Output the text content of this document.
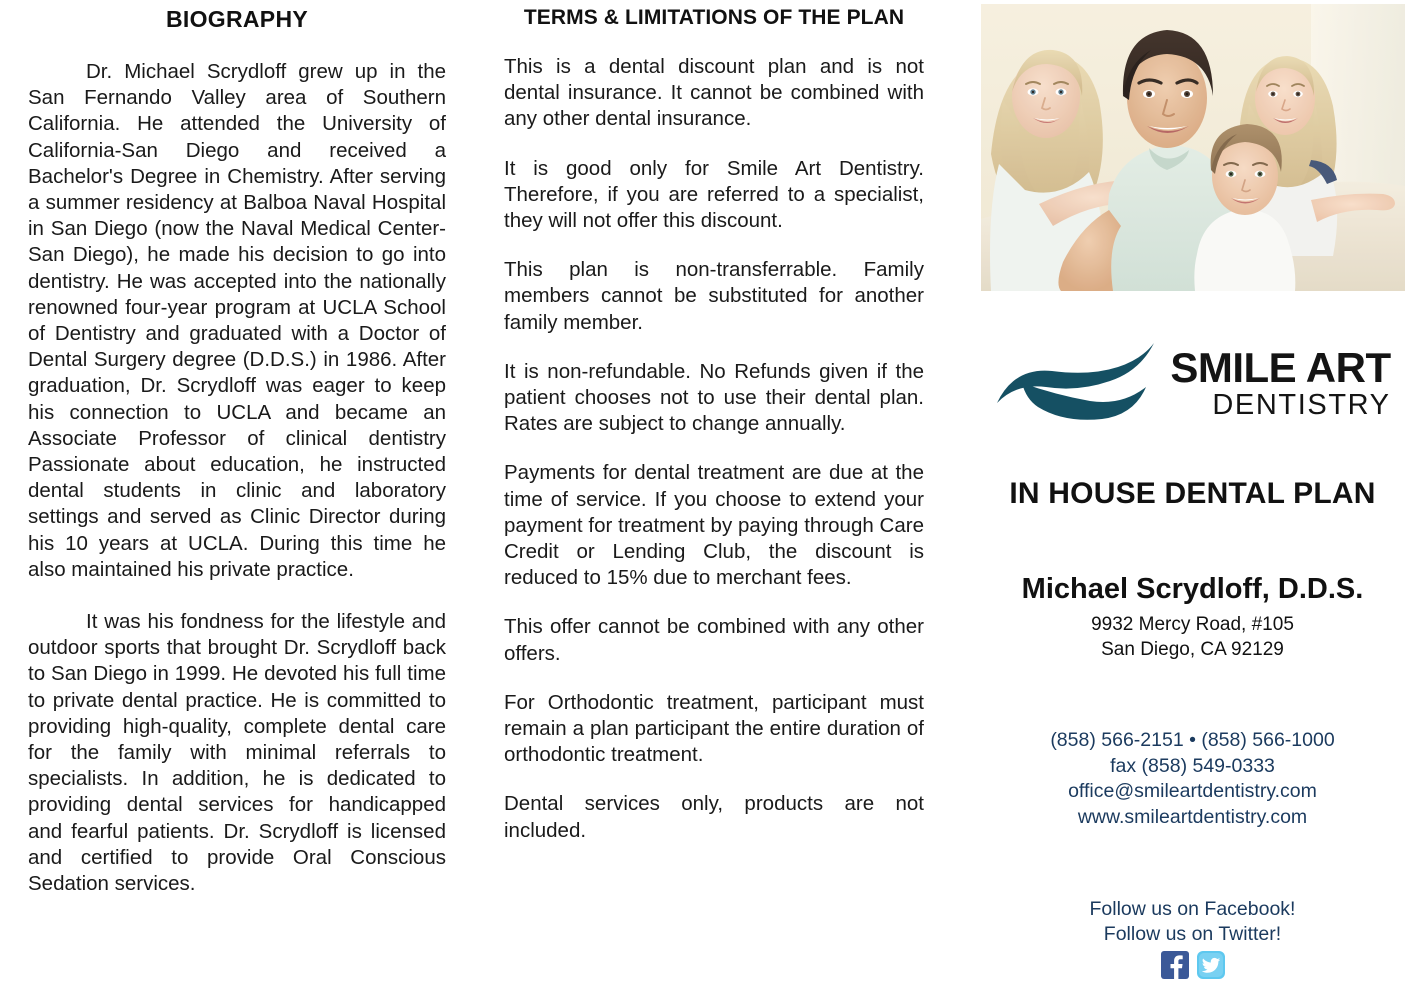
BIOGRAPHY

Dr. Michael Scrydloff grew up in the San Fernando Valley area of Southern California. He attended the University of California-San Diego and received a Bachelor's Degree in Chemistry. After serving a summer residency at Balboa Naval Hospital in San Diego (now the Naval Medical Center-San Diego), he made his decision to go into dentistry. He was accepted into the nationally renowned four-year program at UCLA School of Dentistry and graduated with a Doctor of Dental Surgery degree (D.D.S.) in 1986. After graduation, Dr. Scrydloff was eager to keep his connection to UCLA and became an Associate Professor of clinical dentistry Passionate about education, he instructed dental students in clinic and laboratory settings and served as Clinic Director during his 10 years at UCLA. During this time he also maintained his private practice.

It was his fondness for the lifestyle and outdoor sports that brought Dr. Scrydloff back to San Diego in 1999. He devoted his full time to private dental practice. He is committed to providing high-quality, complete dental care for the family with minimal referrals to specialists. In addition, he is dedicated to providing dental services for handicapped and fearful patients. Dr. Scrydloff is licensed and certified to provide Oral Conscious Sedation services.

TERMS & LIMITATIONS OF THE PLAN

This is a dental discount plan and is not dental insurance. It cannot be combined with any other dental insurance.

It is good only for Smile Art Dentistry. Therefore, if you are referred to a specialist, they will not offer this discount.

This plan is non-transferrable. Family members cannot be substituted for another family member.

It is non-refundable. No Refunds given if the patient chooses not to use their dental plan. Rates are subject to change annually.

Payments for dental treatment are due at the time of service. If you choose to extend your payment for treatment by paying through Care Credit or Lending Club, the discount is reduced to 15% due to merchant fees.

This offer cannot be combined with any other offers.

For Orthodontic treatment, participant must remain a plan participant the entire duration of orthodontic treatment.

Dental services only, products are not included.

SMILE ART
DENTISTRY
IN HOUSE DENTAL PLAN
Michael Scrydloff, D.D.S.
9932 Mercy Road, #105
San Diego, CA 92129
(858) 566-2151 • (858) 566-1000
fax (858) 549-0333
office@smileartdentistry.com
www.smileartdentistry.com
Follow us on Facebook!
Follow us on Twitter!
